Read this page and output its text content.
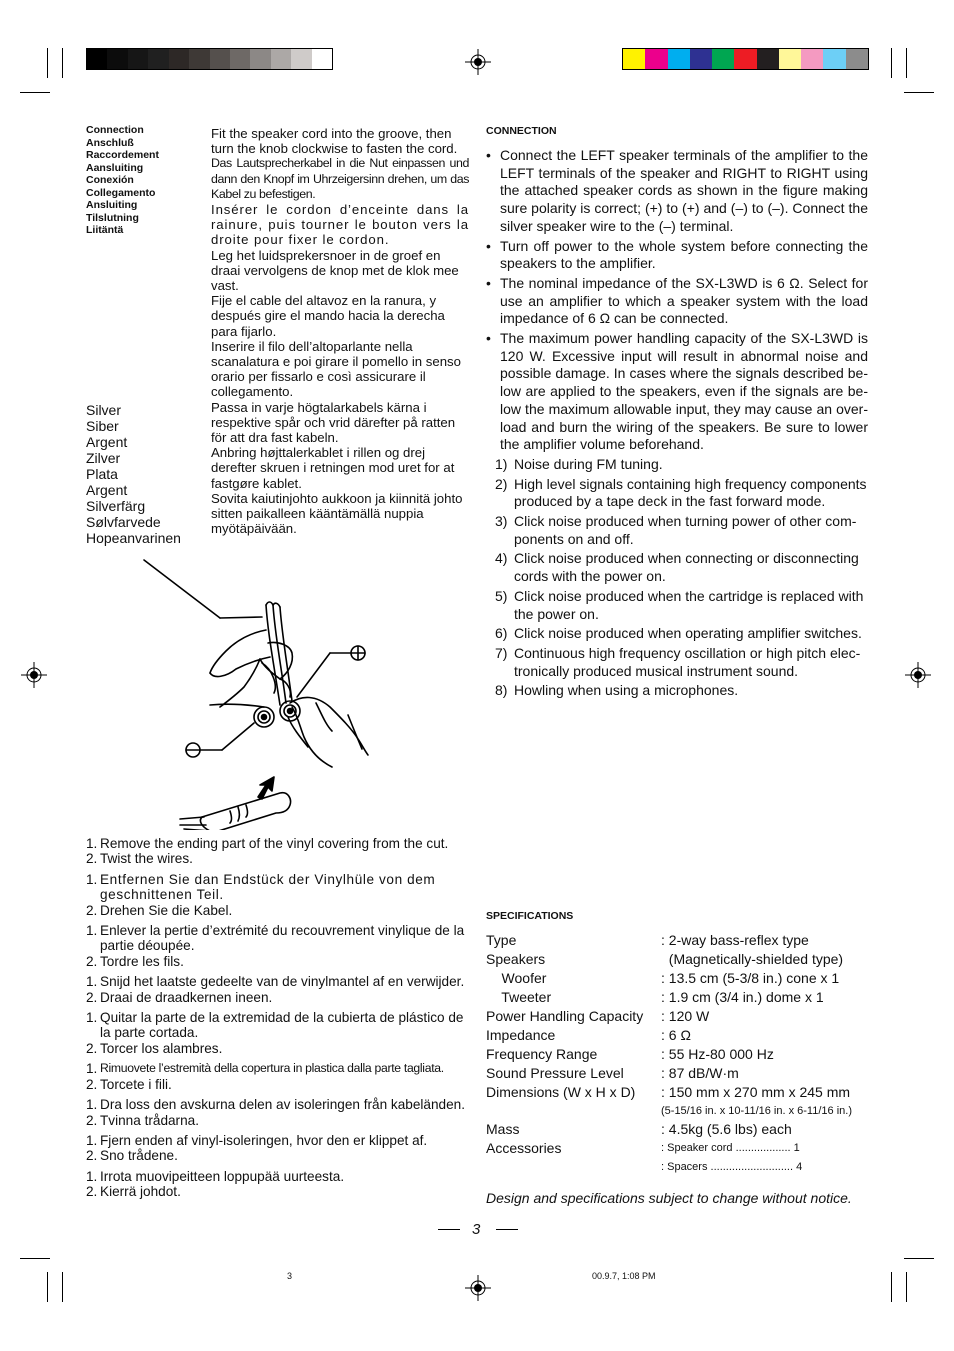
Connection
Anschluß
Raccordement
Aansluiting
Conexión
Collegamento
Ansluiting
Tilslutning
Liitäntä

Fit the speaker cord into the groove, then turn the knob clockwise to fasten the cord.

Das Lautsprecherkabel in die Nut einpassen und dann den Knopf im Uhrzeigersinn drehen, um das Kabel zu befestigen.

Insérer le cordon d’enceinte dans la rainure, puis tourner le bouton vers la droite pour fixer le cordon.

Leg het luidsprekersnoer in de groef en draai vervolgens de knop met de klok mee vast.

Fije el cable del altavoz en la ranura, y después gire el mando hacia la derecha para fijarlo.

Inserire il filo dell’altoparlante nella scanalatura e poi girare il pomello in senso orario per fissarlo e così assicurare il collegamento.

Passa in varje högtalarkabels kärna i respektive spår och vrid därefter på ratten för att dra fast kabeln.

Anbring højttalerkablet i rillen og drej derefter skruen i retningen mod uret for at fastgøre kablet.

Sovita kaiutinjohto aukkoon ja kiinnitä johto sitten paikalleen kääntämällä nuppia myötäpäivään.

Silver
Siber
Argent
Zilver
Plata
Argent
Silverfärg
Sølvfarvede
Hopeanvarinen
1. Remove the ending part of the vinyl covering from the cut.
2. Twist the wires.
1. Entfernen Sie dan Endstück der Vinylhüle von dem geschnittenen Teil.
2. Drehen Sie die Kabel.
1. Enlever la pertie d’extrémité du recouvrement vinylique de la partie déoupée.
2. Tordre les fils.
1. Snijd het laatste gedeelte van de vinylmantel af en verwijder.
2. Draai de draadkernen ineen.
1. Quitar la parte de la extremidad de la cubierta de plástico de la parte cortada.
2. Torcer los alambres.
1. Rimuovete l’estremità della copertura in plastica dalla parte tagliata.
2. Torcete i fili.
1. Dra loss den avskurna delen av isoleringen från kabeländen.
2. Tvinna trådarna.
1. Fjern enden af vinyl-isoleringen, hvor den er klippet af.
2. Sno trådene.
1. Irrota muovipeitteen loppupää uurteesta.
2. Kierrä johdot.
CONNECTION
• Connect the LEFT speaker terminals of the amplifier to the LEFT terminals of the speaker and RIGHT to RIGHT using the attached speaker cords as shown in the figure making sure polarity is correct; (+) to (+) and (–) to (–). Connect the silver speaker wire to the (–) terminal.
• Turn off power to the whole system before connecting the speakers to the amplifier.
• The nominal impedance of the SX-L3WD is 6 Ω. Select for use an amplifier to which a speaker system with the load impedance of 6 Ω can be connected.
• The maximum power handling capacity of the SX-L3WD is 120 W. Excessive input will result in abnormal noise and possible damage. In cases where the signals described be-low are applied to the speakers, even if the signals are be-low the maximum allowable input, they may cause an over-load and burn the wiring of the speakers. Be sure to lower the amplifier volume beforehand.
1) Noise during FM tuning.
2) High level signals containing high frequency components produced by a tape deck in the fast forward mode.
3) Click noise produced when turning power of other com-ponents on and off.
4) Click noise produced when connecting or disconnecting cords with the power on.
5) Click noise produced when the cartridge is replaced with the power on.
6) Click noise produced when operating amplifier switches.
7) Continuous high frequency oscillation or high pitch elec-tronically produced musical instrument sound.
8) Howling when using a microphones.
SPECIFICATIONS
Type	: 2-way bass-reflex type
Speakers	(Magnetically-shielded type)
Woofer	: 13.5 cm (5-3/8 in.) cone x 1
Tweeter	: 1.9 cm (3/4 in.) dome x 1
Power Handling Capacity	: 120 W
Impedance	: 6 Ω
Frequency Range	: 55 Hz-80 000 Hz
Sound Pressure Level	: 87 dB/W·m
Dimensions (W x H x D)	: 150 mm x 270 mm x 245 mm
(5-15/16 in. x 10-11/16 in. x 6-11/16 in.)
Mass	: 4.5kg (5.6 lbs) each
Accessories	: Speaker cord .................. 1
: Spacers ........................... 4
Design and specifications subject to change without notice.
3
3	00.9.7, 1:08 PM
